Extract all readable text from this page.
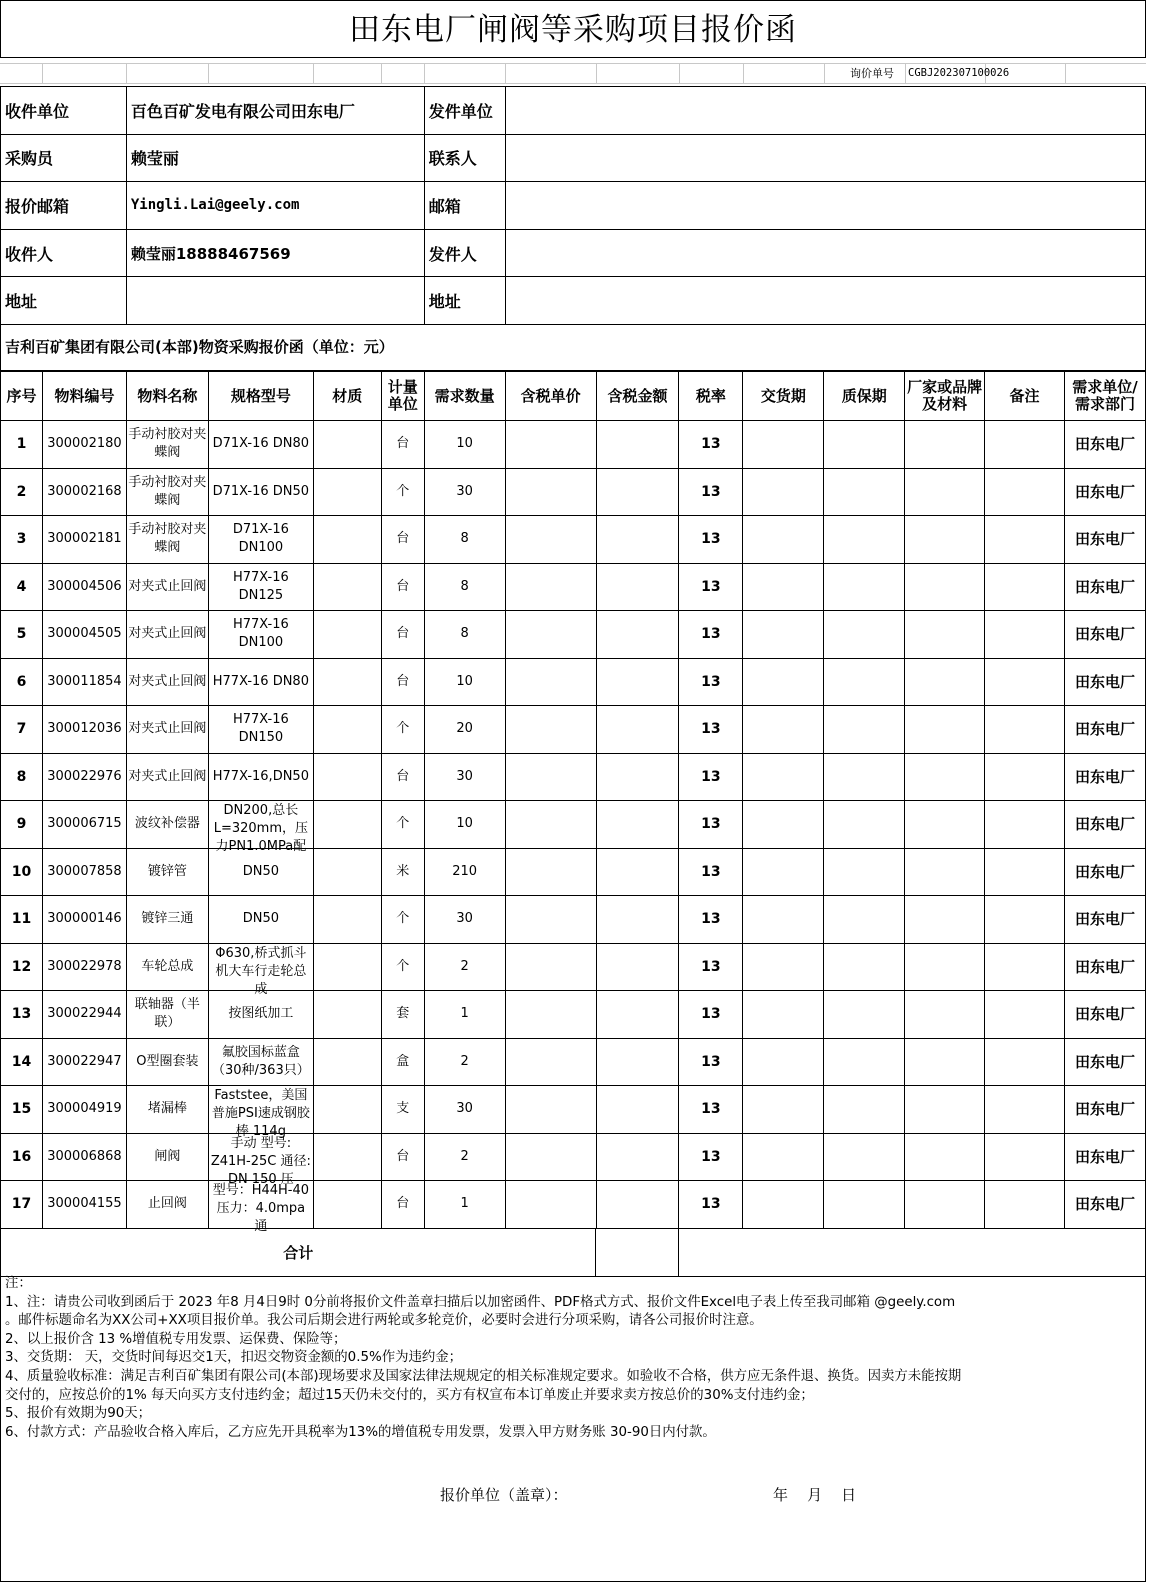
田东电厂闸阀等采购项目报价函
询价单号 CGBJ202307100026
收件单位	百色百矿发电有限公司田东电厂	发件单位	
采购员	赖莹丽	联系人	
报价邮箱	Yingli.Lai@geely.com	邮箱	
收件人	赖莹丽18888467569	发件人	
地址		地址	
吉利百矿集团有限公司(本部)物资采购报价函（单位：元）
序号	物料编号	物料名称	规格型号	材质	计量单位	需求数量	含税单价	含税金额	税率	交货期	质保期	厂家或品牌及材料	备注	需求单位/需求部门

1	300002180	手动衬胶对夹蝶阀	D71X-16 DN80		台	10			13					田东电厂

2	300002168	手动衬胶对夹蝶阀	D71X-16 DN50		个	30			13					田东电厂

3	300002181	手动衬胶对夹蝶阀	D71X-16 DN100		台	8			13					田东电厂

4	300004506	对夹式止回阀	H77X-16 DN125		台	8			13					田东电厂

5	300004505	对夹式止回阀	H77X-16 DN100		台	8			13					田东电厂

6	300011854	对夹式止回阀	H77X-16 DN80		台	10			13					田东电厂

7	300012036	对夹式止回阀	H77X-16 DN150		个	20			13					田东电厂

8	300022976	对夹式止回阀	H77X-16,DN50		台	30			13					田东电厂

9	300006715	波纹补偿器	DN200,总长L=320mm，压力PN1.0MPa配		个	10			13					田东电厂

10	300007858	镀锌管	DN50		米	210			13					田东电厂

11	300000146	镀锌三通	DN50		个	30			13					田东电厂

12	300022978	车轮总成	Φ630,桥式抓斗机大车行走轮总成		个	2			13					田东电厂

13	300022944	联轴器（半联）	按图纸加工		套	1			13					田东电厂

14	300022947	O型圈套装	氟胶国标蓝盒（30种/363只）		盒	2			13					田东电厂

15	300004919	堵漏棒	Faststee，美国普施PSI速成钢胶棒 114g		支	30			13					田东电厂

16	300006868	闸阀	手动 型号: Z41H-25C 通径: DN 150 压		台	2			13					田东电厂

17	300004155	止回阀	型号：H44H-40 压力：4.0mpa 通		台	1			13					田东电厂
合计		

注：

1、注：请贵公司收到函后于 2023 年8 月4日9时 0分前将报价文件盖章扫描后以加密函件、PDF格式方式、报价文件Excel电子表上传至我司邮箱 @geely.com

。邮件标题命名为XX公司+XX项目报价单。我公司后期会进行两轮或多轮竞价，必要时会进行分项采购，请各公司报价时注意。

2、以上报价含 13 %增值税专用发票、运保费、保险等；

3、交货期： 天，交货时间每迟交1天，扣迟交物资金额的0.5%作为违约金；

4、质量验收标准：满足吉利百矿集团有限公司(本部)现场要求及国家法律法规规定的相关标准规定要求。如验收不合格，供方应无条件退、换货。因卖方未能按期

交付的，应按总价的1% 每天向买方支付违约金；超过15天仍未交付的，买方有权宣布本订单废止并要求卖方按总价的30%支付违约金；

5、报价有效期为90天；

6、付款方式：产品验收合格入库后，乙方应先开具税率为13%的增值税专用发票，发票入甲方财务账 30-90日内付款。

报价单位（盖章）：	年    月    日
